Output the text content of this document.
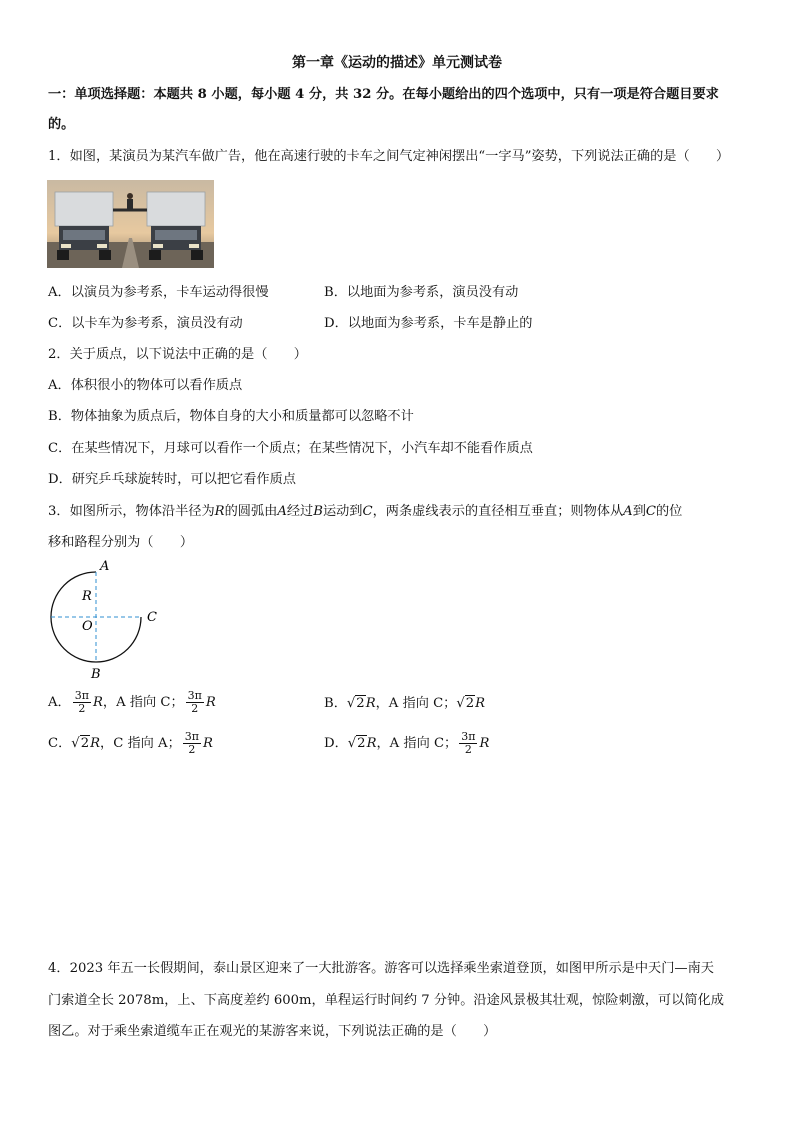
第一章《运动的描述》单元测试卷
一：单项选择题：本题共 8 小题，每小题 4 分，共 32 分。在每小题给出的四个选项中，只有一项是符合题目要求
的。
1．如图，某演员为某汽车做广告，他在高速行驶的卡车之间气定神闲摆出“一字马”姿势，下列说法正确的是（　　）
A．以演员为参考系，卡车运动得很慢	B．以地面为参考系，演员没有动
C．以卡车为参考系，演员没有动	D．以地面为参考系，卡车是静止的
2．关于质点，以下说法中正确的是（　　）
A．体积很小的物体可以看作质点
B．物体抽象为质点后，物体自身的大小和质量都可以忽略不计
C．在某些情况下，月球可以看作一个质点；在某些情况下，小汽车却不能看作质点
D．研究乒乓球旋转时，可以把它看作质点
3．如图所示，物体沿半径为R的圆弧由A经过B运动到C，两条虚线表示的直径相互垂直；则物体从A到C的位
移和路程分别为（　　）
A
R
O
C
B
A． $\frac{3\pi}{2}$ R，A 指向 C； $\frac{3\pi}{2}$ R	B．√2R，A 指向 C；√2R
C．√2R，C 指向 A； $\frac{3\pi}{2}$ R	D．√2R，A 指向 C； $\frac{3\pi}{2}$ R
4．2023 年五一长假期间，泰山景区迎来了一大批游客。游客可以选择乘坐索道登顶，如图甲所示是中天门—南天
门索道全长 2078m，上、下高度差约 600m，单程运行时间约 7 分钟。沿途风景极其壮观，惊险刺激，可以简化成
图乙。对于乘坐索道缆车正在观光的某游客来说，下列说法正确的是（　　）
